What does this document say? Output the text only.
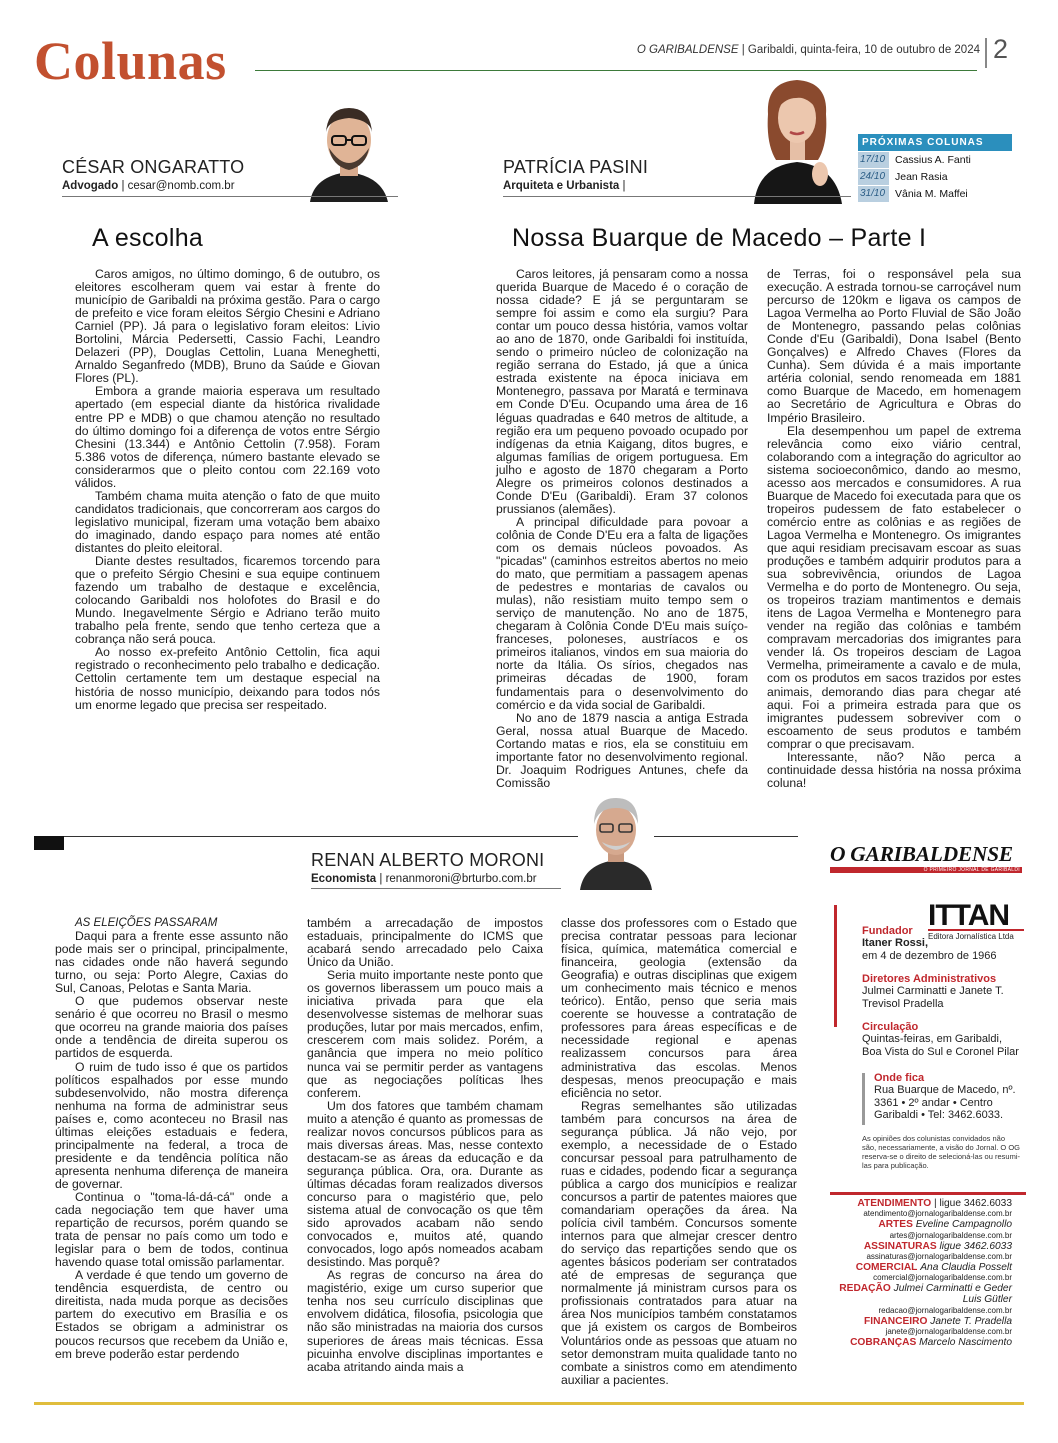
Colunas	O GARIBALDENSE | Garibaldi, quinta-feira, 10 de outubro de 2024 2
CÉSAR ONGARATTO
Advogado | cesar@nomb.com.br
PATRÍCIA PASINI
Arquiteta e Urbanista |
PRÓXIMAS COLUNAS
17/10 Cassius A. Fanti
24/10 Jean Rasia
31/10 Vânia M. Maffei
A escolha	Nossa Buarque de Macedo – Parte I

Caros amigos, no último domingo, 6 de outubro, os eleitores escolheram quem vai estar à frente do município de Garibaldi na próxima gestão. Para o cargo de prefeito e vice foram eleitos Sérgio Chesini e Adriano Carniel (PP). Já para o legislativo foram eleitos: Livio Bortolini, Márcia Pedersetti, Cassio Fachi, Leandro Delazeri (PP), Douglas Cettolin, Luana Meneghetti, Arnaldo Seganfredo (MDB), Bruno da Saúde e Giovan Flores (PL).

Embora a grande maioria esperava um resultado apertado (em especial diante da histórica rivalidade entre PP e MDB) o que chamou atenção no resultado do último domingo foi a diferença de votos entre Sérgio Chesini (13.344) e Antônio Cettolin (7.958). Foram 5.386 votos de diferença, número bastante elevado se considerarmos que o pleito contou com 22.169 voto válidos.

Também chama muita atenção o fato de que muito candidatos tradicionais, que concorreram aos cargos do legislativo municipal, fizeram uma votação bem abaixo do imaginado, dando espaço para nomes até então distantes do pleito eleitoral.

Diante destes resultados, ficaremos torcendo para que o prefeito Sérgio Chesini e sua equipe continuem fazendo um trabalho de destaque e excelência, colocando Garibaldi nos holofotes do Brasil e do Mundo. Inegavelmente Sérgio e Adriano terão muito trabalho pela frente, sendo que tenho certeza que a cobrança não será pouca.

Ao nosso ex-prefeito Antônio Cettolin, fica aqui registrado o reconhecimento pelo trabalho e dedicação. Cettolin certamente tem um destaque especial na história de nosso município, deixando para todos nós um enorme legado que precisa ser respeitado.

Caros leitores, já pensaram como a nossa querida Buarque de Macedo é o coração de nossa cidade? E já se perguntaram se sempre foi assim e como ela surgiu? Para contar um pouco dessa história, vamos voltar ao ano de 1870, onde Garibaldi foi instituída, sendo o primeiro núcleo de colonização na região serrana do Estado, já que a única estrada existente na época iniciava em Montenegro, passava por Maratá e terminava em Conde D'Eu. Ocupando uma área de 16 léguas quadradas e 640 metros de altitude, a região era um pequeno povoado ocupado por indígenas da etnia Kaigang, ditos bugres, e algumas famílias de origem portuguesa. Em julho e agosto de 1870 chegaram a Porto Alegre os primeiros colonos destinados a Conde D'Eu (Garibaldi). Eram 37 colonos prussianos (alemães).

A principal dificuldade para povoar a colônia de Conde D'Eu era a falta de ligações com os demais núcleos povoados. As "picadas" (caminhos estreitos abertos no meio do mato, que permitiam a passagem apenas de pedestres e montarias de cavalos ou mulas), não resistiam muito tempo sem o serviço de manutenção. No ano de 1875, chegaram à Colônia Conde D'Eu mais suíço-franceses, poloneses, austríacos e os primeiros italianos, vindos em sua maioria do norte da Itália. Os sírios, chegados nas primeiras décadas de 1900, foram fundamentais para o desenvolvimento do comércio e da vida social de Garibaldi.

No ano de 1879 nascia a antiga Estrada Geral, nossa atual Buarque de Macedo. Cortando matas e rios, ela se constituiu em importante fator no desenvolvimento regional. Dr. Joaquim Rodrigues Antunes, chefe da Comissão

de Terras, foi o responsável pela sua execução. A estrada tornou-se carroçável num percurso de 120km e ligava os campos de Lagoa Vermelha ao Porto Fluvial de São João de Montenegro, passando pelas colônias Conde d'Eu (Garibaldi), Dona Isabel (Bento Gonçalves) e Alfredo Chaves (Flores da Cunha). Sem dúvida é a mais importante artéria colonial, sendo renomeada em 1881 como Buarque de Macedo, em homenagem ao Secretário de Agricultura e Obras do Império Brasileiro.

Ela desempenhou um papel de extrema relevância como eixo viário central, colaborando com a integração do agricultor ao sistema socioeconômico, dando ao mesmo, acesso aos mercados e consumidores. A rua Buarque de Macedo foi executada para que os tropeiros pudessem de fato estabelecer o comércio entre as colônias e as regiões de Lagoa Vermelha e Montenegro. Os imigrantes que aqui residiam precisavam escoar as suas produções e também adquirir produtos para a sua sobrevivência, oriundos de Lagoa Vermelha e do porto de Montenegro. Ou seja, os tropeiros traziam mantimentos e demais itens de Lagoa Vermelha e Montenegro para vender na região das colônias e também compravam mercadorias dos imigrantes para vender lá. Os tropeiros desciam de Lagoa Vermelha, primeiramente a cavalo e de mula, com os produtos em sacos trazidos por estes animais, demorando dias para chegar até aqui. Foi a primeira estrada para que os imigrantes pudessem sobreviver com o escoamento de seus produtos e também comprar o que precisavam.

Interessante, não? Não perca a continuidade dessa história na nossa próxima coluna!

RENAN ALBERTO MORONI
Economista | renanmoroni@brturbo.com.br

AS ELEIÇÕES PASSARAM

Daqui para a frente esse assunto não pode mais ser o principal, principalmente, nas cidades onde não haverá segundo turno, ou seja: Porto Alegre, Caxias do Sul, Canoas, Pelotas e Santa Maria.

O que pudemos observar neste senário é que ocorreu no Brasil o mesmo que ocorreu na grande maioria dos países onde a tendência de direita superou os partidos de esquerda.

O ruim de tudo isso é que os partidos políticos espalhados por esse mundo subdesenvolvido, não mostra diferença nenhuma na forma de administrar seus países e, como aconteceu no Brasil nas últimas eleições estaduais e federa, principalmente na federal, a troca de presidente e da tendência política não apresenta nenhuma diferença de maneira de governar.

Continua o "toma-lá-dá-cá" onde a cada negociação tem que haver uma repartição de recursos, porém quando se trata de pensar no país como um todo e legislar para o bem de todos, continua havendo quase total omissão parlamentar.

A verdade é que tendo um governo de tendência esquerdista, de centro ou direitista, nada muda porque as decisões partem do executivo em Brasília e os Estados se obrigam a administrar os poucos recursos que recebem da União e, em breve poderão estar perdendo

também a arrecadação de impostos estaduais, principalmente do ICMS que acabará sendo arrecadado pelo Caixa Único da União.

Seria muito importante neste ponto que os governos liberassem um pouco mais a iniciativa privada para que ela desenvolvesse sistemas de melhorar suas produções, lutar por mais mercados, enfim, crescerem com mais solidez. Porém, a ganância que impera no meio político nunca vai se permitir perder as vantagens que as negociações políticas lhes conferem.

Um dos fatores que também chamam muito a atenção é quanto as promessas de realizar novos concursos públicos para as mais diversas áreas. Mas, nesse contexto destacam-se as áreas da educação e da segurança pública. Ora, ora. Durante as últimas décadas foram realizados diversos concurso para o magistério que, pelo sistema atual de convocação os que têm sido aprovados acabam não sendo convocados e, muitos até, quando convocados, logo após nomeados acabam desistindo. Mas porquê?

As regras de concurso na área do magistério, exige um curso superior que tenha nos seu currículo disciplinas que envolvem didática, filosofia, psicologia que não são ministradas na maioria dos cursos superiores de áreas mais técnicas. Essa picuinha envolve disciplinas importantes e acaba atritando ainda mais a

classe dos professores com o Estado que precisa contratar pessoas para lecionar física, química, matemática comercial e financeira, geologia (extensão da Geografia) e outras disciplinas que exigem um conhecimento mais técnico e menos teórico). Então, penso que seria mais coerente se houvesse a contratação de professores para áreas específicas e de necessidade regional e apenas realizassem concursos para área administrativa das escolas. Menos despesas, menos preocupação e mais eficiência no setor.

Regras semelhantes são utilizadas também para concursos na área de segurança pública. Já não vejo, por exemplo, a necessidade de o Estado concursar pessoal para patrulhamento de ruas e cidades, podendo ficar a segurança pública a cargo dos municípios e realizar concursos a partir de patentes maiores que comandariam operações da área. Na polícia civil também. Concursos somente internos para que almejar crescer dentro do serviço das repartições sendo que os agentes básicos poderiam ser contratados até de empresas de segurança que normalmente já ministram cursos para os profissionais contratados para atuar na área Nos municípios também constatamos que já existem os cargos de Bombeiros Voluntários onde as pessoas que atuam no setor demonstram muita qualidade tanto no combate a sinistros como em atendimento auxiliar a pacientes.

O GARIBALDENSE
O PRIMEIRO JORNAL DE GARIBALDI
ITTAN
Editora Jornalística Ltda
Fundador
Itaner Rossi,
em 4 de dezembro de 1966
Diretores Administrativos
Julmei Carminatti e Janete T. Trevisol Pradella
Circulação
Quintas-feiras, em Garibaldi, Boa Vista do Sul e Coronel Pilar
Onde fica
Rua Buarque de Macedo, nº. 3361 • 2º andar • Centro Garibaldi • Tel: 3462.6033.
As opiniões dos colunistas convidados não são, necessariamente, a visão do Jornal. O OG reserva-se o direito de selecioná-las ou resumi-las para publicação.
ATENDIMENTO | ligue 3462.6033
atendimento@jornalogaribaldense.com.br
ARTES Eveline Campagnollo
artes@jornalogaribaldense.com.br
ASSINATURAS ligue 3462.6033
assinaturas@jornalogaribaldense.com.br
COMERCIAL Ana Claudia Posselt
comercial@jornalogaribaldense.com.br
REDAÇÃO Julmei Carminatti e Geder Luis Gütler
redacao@jornalogaribaldense.com.br
FINANCEIRO Janete T. Pradella
janete@jornalogaribaldense.com.br
COBRANÇAS Marcelo Nascimento
